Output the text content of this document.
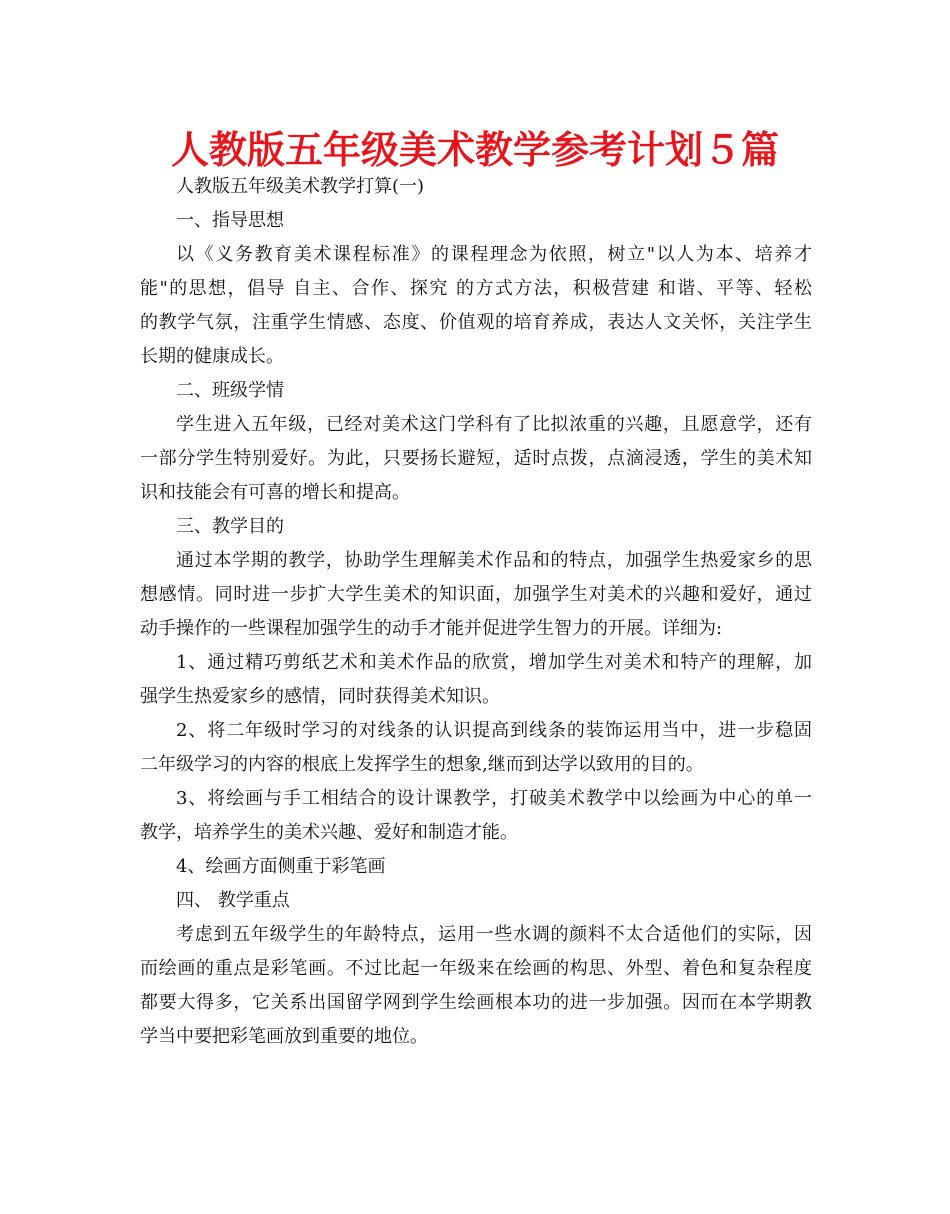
人教版五年级美术教学参考计划５篇

人教版五年级美术教学打算(一)

一、指导思想

以《义务教育美术课程标准》的课程理念为依照，树立"以人为本、培养才

能"的思想，倡导 自主、合作、探究 的方式方法，积极营建 和谐、平等、轻松

的教学气氛，注重学生情感、态度、价值观的培育养成，表达人文关怀，关注学生

长期的健康成长。

二、班级学情

学生进入五年级，已经对美术这门学科有了比拟浓重的兴趣，且愿意学，还有

一部分学生特别爱好。为此，只要扬长避短，适时点拨，点滴浸透，学生的美术知

识和技能会有可喜的增长和提高。

三、教学目的

通过本学期的教学，协助学生理解美术作品和的特点，加强学生热爱家乡的思

想感情。同时进一步扩大学生美术的知识面，加强学生对美术的兴趣和爱好，通过

动手操作的一些课程加强学生的动手才能并促进学生智力的开展。详细为:

1、通过精巧剪纸艺术和美术作品的欣赏，增加学生对美术和特产的理解，加

强学生热爱家乡的感情，同时获得美术知识。

2、将二年级时学习的对线条的认识提高到线条的装饰运用当中，进一步稳固

二年级学习的内容的根底上发挥学生的想象,继而到达学以致用的目的。

3、将绘画与手工相结合的设计课教学，打破美术教学中以绘画为中心的单一

教学，培养学生的美术兴趣、爱好和制造才能。

4、绘画方面侧重于彩笔画

四、 教学重点

考虑到五年级学生的年龄特点，运用一些水调的颜料不太合适他们的实际，因

而绘画的重点是彩笔画。不过比起一年级来在绘画的构思、外型、着色和复杂程度

都要大得多，它关系出国留学网到学生绘画根本功的进一步加强。因而在本学期教

学当中要把彩笔画放到重要的地位。
